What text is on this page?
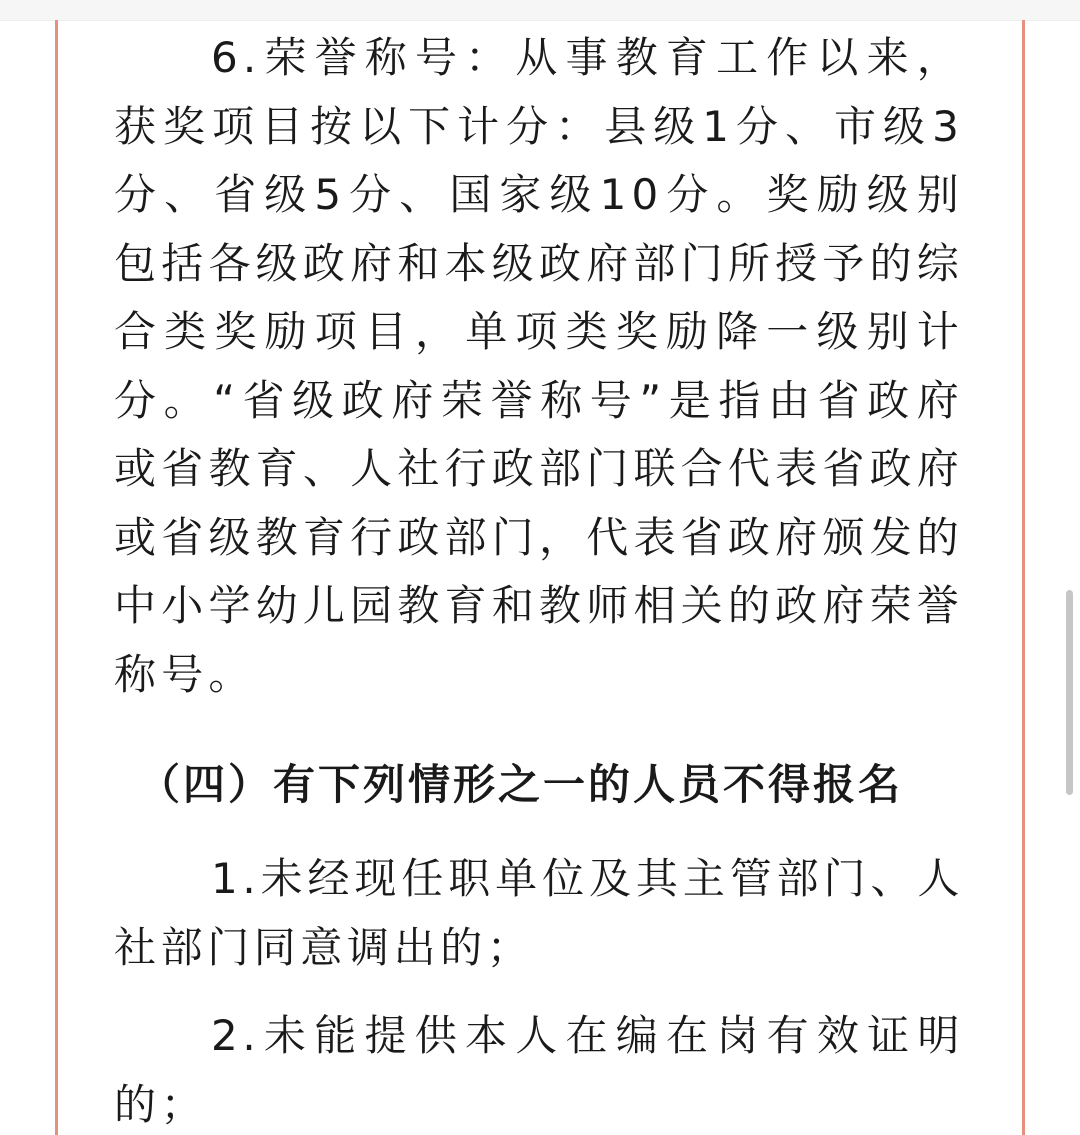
6.荣誉称号：从事教育工作以来，获奖项目按以下计分：县级1分、市级3分、省级5分、国家级10分。奖励级别包括各级政府和本级政府部门所授予的综合类奖励项目，单项类奖励降一级别计分。“省级政府荣誉称号”是指由省政府或省教育、人社行政部门联合代表省政府或省级教育行政部门，代表省政府颁发的中小学幼儿园教育和教师相关的政府荣誉称号。

（四）有下列情形之一的人员不得报名

1.未经现任职单位及其主管部门、人社部门同意调出的；

2.未能提供本人在编在岗有效证明的；
